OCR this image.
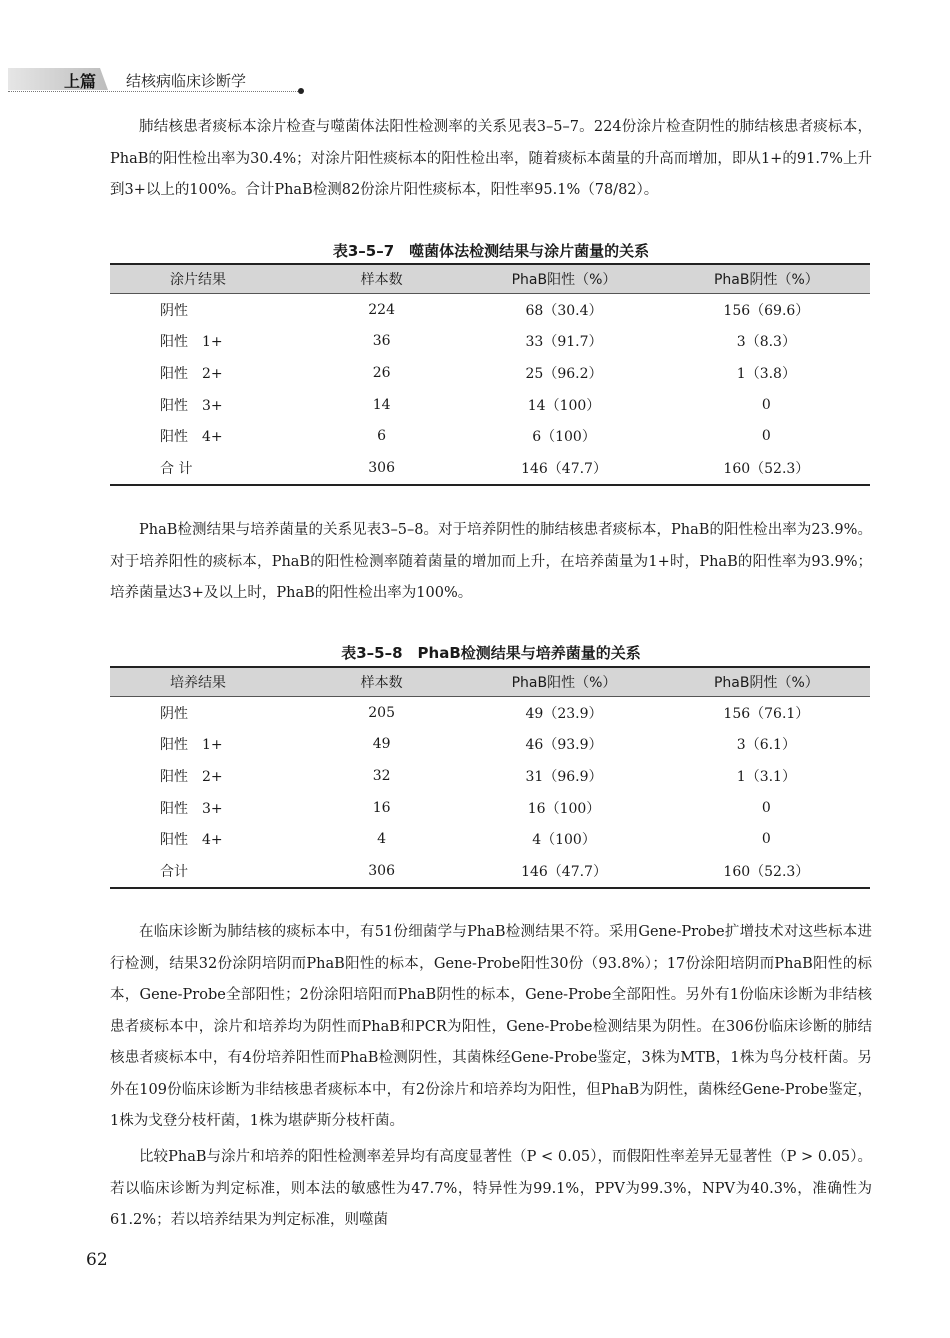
上篇 结核病临床诊断学

肺结核患者痰标本涂片检查与噬菌体法阳性检测率的关系见表3–5–7。224份涂片检查阴性的肺结核患者痰标本，PhaB的阳性检出率为30.4%；对涂片阳性痰标本的阳性检出率，随着痰标本菌量的升高而增加，即从1+的91.7%上升到3+以上的100%。合计PhaB检测82份涂片阳性痰标本，阳性率95.1%（78/82）。

表3–5–7　噬菌体法检测结果与涂片菌量的关系
涂片结果	样本数	PhaB阳性（%）	PhaB阴性（%）
阴性	224	68（30.4）	156（69.6）
阳性　1+	36	33（91.7）	3（8.3）
阳性　2+	26	25（96.2）	1（3.8）
阳性　3+	14	14（100）	0
阳性　4+	6	6（100）	0
合 计	306	146（47.7）	160（52.3）

PhaB检测结果与培养菌量的关系见表3–5–8。对于培养阴性的肺结核患者痰标本，PhaB的阳性检出率为23.9%。对于培养阳性的痰标本，PhaB的阳性检测率随着菌量的增加而上升，在培养菌量为1+时，PhaB的阳性率为93.9%；培养菌量达3+及以上时，PhaB的阳性检出率为100%。

表3–5–8　PhaB检测结果与培养菌量的关系
培养结果	样本数	PhaB阳性（%）	PhaB阴性（%）
阴性	205	49（23.9）	156（76.1）
阳性　1+	49	46（93.9）	3（6.1）
阳性　2+	32	31（96.9）	1（3.1）
阳性　3+	16	16（100）	0
阳性　4+	4	4（100）	0
合计	306	146（47.7）	160（52.3）

在临床诊断为肺结核的痰标本中，有51份细菌学与PhaB检测结果不符。采用Gene-Probe扩增技术对这些标本进行检测，结果32份涂阴培阴而PhaB阳性的标本，Gene-Probe阳性30份（93.8%）；17份涂阳培阴而PhaB阳性的标本，Gene-Probe全部阳性；2份涂阳培阳而PhaB阴性的标本，Gene-Probe全部阳性。另外有1份临床诊断为非结核患者痰标本中，涂片和培养均为阴性而PhaB和PCR为阳性，Gene-Probe检测结果为阴性。在306份临床诊断的肺结核患者痰标本中，有4份培养阳性而PhaB检测阴性，其菌株经Gene-Probe鉴定，3株为MTB，1株为鸟分枝杆菌。另外在109份临床诊断为非结核患者痰标本中，有2份涂片和培养均为阳性，但PhaB为阴性，菌株经Gene-Probe鉴定，1株为戈登分枝杆菌，1株为堪萨斯分枝杆菌。

比较PhaB与涂片和培养的阳性检测率差异均有高度显著性（P < 0.05），而假阳性率差异无显著性（P > 0.05）。若以临床诊断为判定标准，则本法的敏感性为47.7%，特异性为99.1%，PPV为99.3%，NPV为40.3%，准确性为61.2%；若以培养结果为判定标准，则噬菌

62
